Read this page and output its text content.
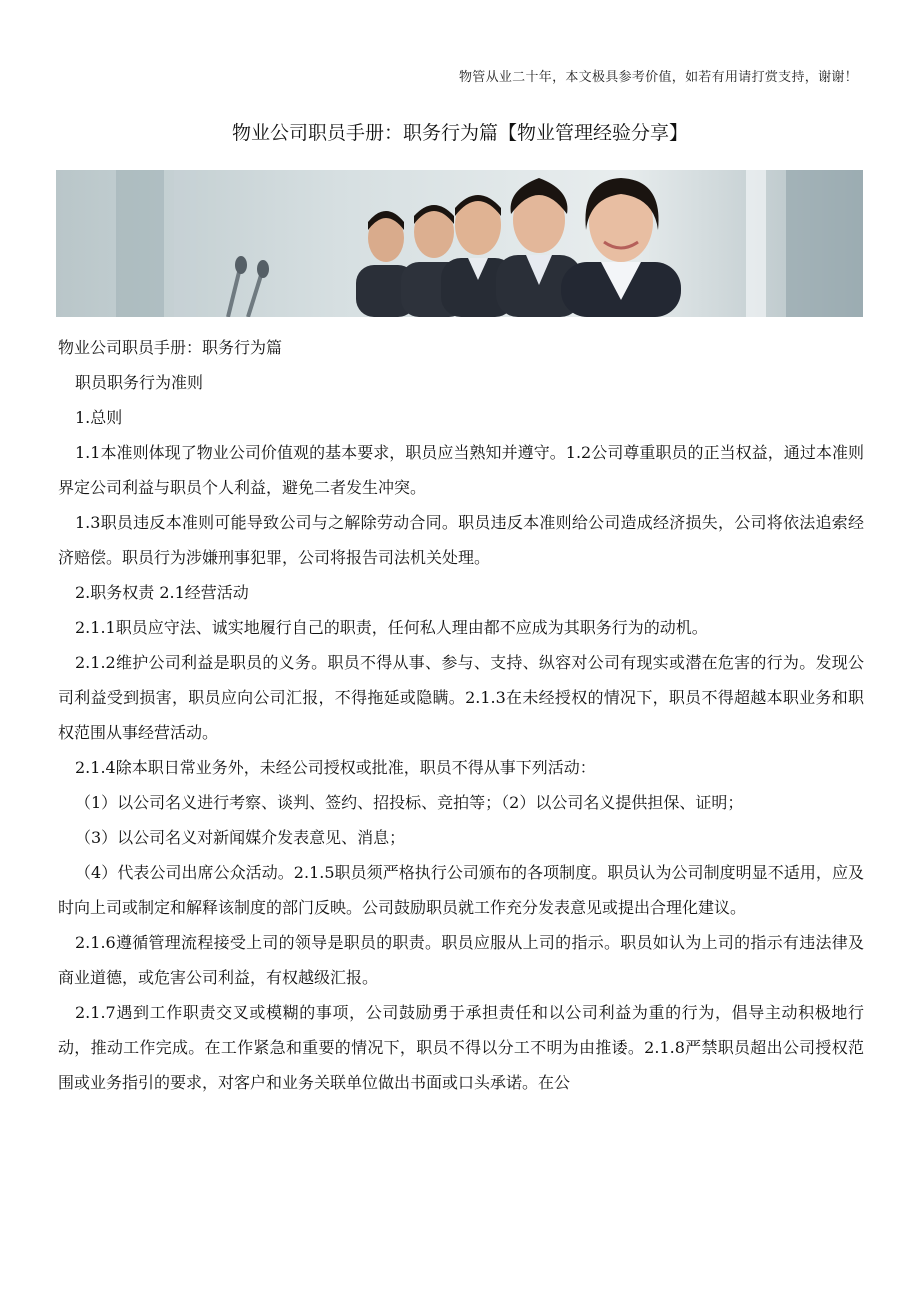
物管从业二十年，本文极具参考价值，如若有用请打赏支持，谢谢！
物业公司职员手册：职务行为篇【物业管理经验分享】

物业公司职员手册：职务行为篇

职员职务行为准则

1.总则

1.1本准则体现了物业公司价值观的基本要求，职员应当熟知并遵守。1.2公司尊重职员的正当权益，通过本准则界定公司利益与职员个人利益，避免二者发生冲突。

1.3职员违反本准则可能导致公司与之解除劳动合同。职员违反本准则给公司造成经济损失，公司将依法追索经济赔偿。职员行为涉嫌刑事犯罪，公司将报告司法机关处理。

2.职务权责 2.1经营活动

2.1.1职员应守法、诚实地履行自己的职责，任何私人理由都不应成为其职务行为的动机。

2.1.2维护公司利益是职员的义务。职员不得从事、参与、支持、纵容对公司有现实或潜在危害的行为。发现公司利益受到损害，职员应向公司汇报，不得拖延或隐瞒。2.1.3在未经授权的情况下，职员不得超越本职业务和职权范围从事经营活动。

2.1.4除本职日常业务外，未经公司授权或批准，职员不得从事下列活动：

（1）以公司名义进行考察、谈判、签约、招投标、竞拍等；（2）以公司名义提供担保、证明；

（3）以公司名义对新闻媒介发表意见、消息；

（4）代表公司出席公众活动。2.1.5职员须严格执行公司颁布的各项制度。职员认为公司制度明显不适用，应及时向上司或制定和解释该制度的部门反映。公司鼓励职员就工作充分发表意见或提出合理化建议。

2.1.6遵循管理流程接受上司的领导是职员的职责。职员应服从上司的指示。职员如认为上司的指示有违法律及商业道德，或危害公司利益，有权越级汇报。

2.1.7遇到工作职责交叉或模糊的事项，公司鼓励勇于承担责任和以公司利益为重的行为，倡导主动积极地行动，推动工作完成。在工作紧急和重要的情况下，职员不得以分工不明为由推诿。2.1.8严禁职员超出公司授权范围或业务指引的要求，对客户和业务关联单位做出书面或口头承诺。在公
